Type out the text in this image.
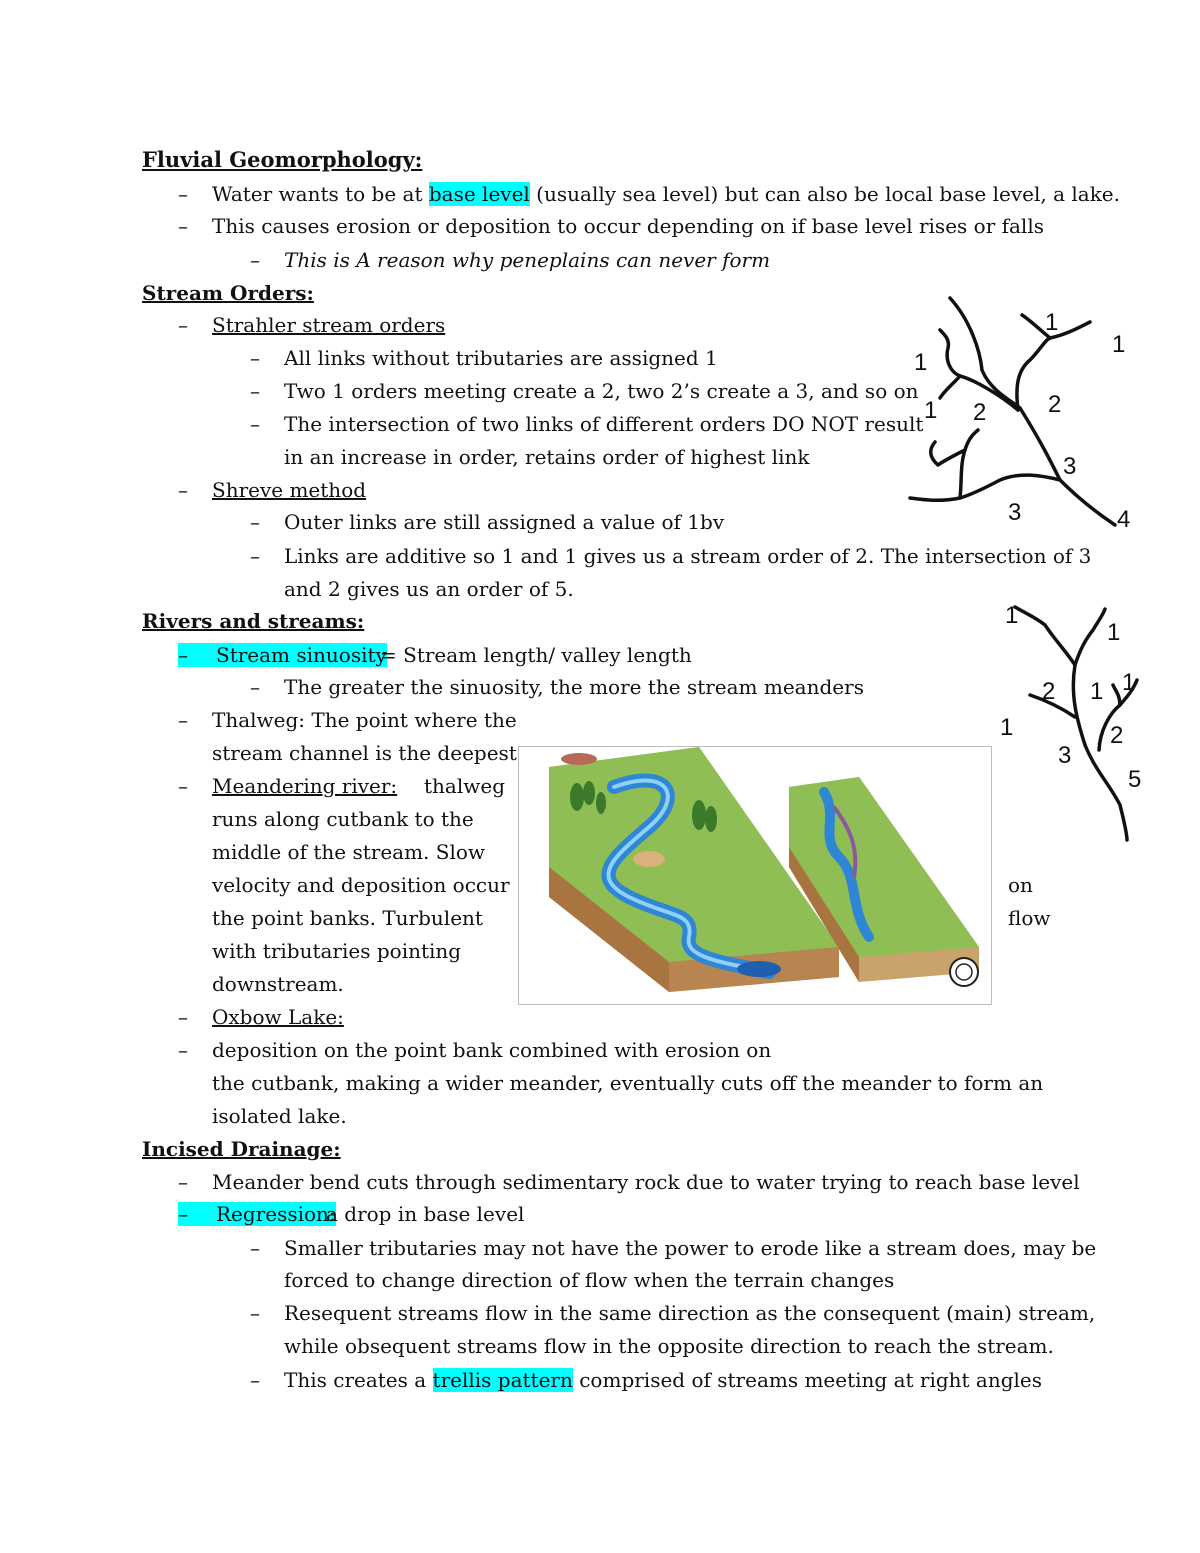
Fluvial Geomorphology:
– Water wants to be at base level (usually sea level) but can also be local base level, a lake.
– This causes erosion or deposition to occur depending on if base level rises or falls
– This is A reason why peneplains can never form
Stream Orders:
– Strahler stream orders
– All links without tributaries are assigned 1
– Two 1 orders meeting create a 2, two 2’s create a 3, and so on
– The intersection of two links of different orders DO NOT result
in an increase in order, retains order of highest link
– Shreve method
– Outer links are still assigned a value of 1bv
– Links are additive so 1 and 1 gives us a stream order of 2. The intersection of 3
and 2 gives us an order of 5.
Rivers and streams:
– Stream sinuosity
= Stream length/ valley length
– The greater the sinuosity, the more the stream meanders
– Thalweg: The point where the
stream channel is the deepest
– Meandering river: thalweg
runs along cutbank to the
middle of the stream. Slow
velocity and deposition occur	on
the point banks. Turbulent	flow
with tributaries pointing
downstream.
– Oxbow Lake:
– deposition on the point bank combined with erosion on
the cutbank, making a wider meander, eventually cuts off the meander to form an
isolated lake.
Incised Drainage:
– Meander bend cuts through sedimentary rock due to water trying to reach base level
– Regression:
a drop in base level
– Smaller tributaries may not have the power to erode like a stream does, may be
forced to change direction of flow when the terrain changes
– Resequent streams flow in the same direction as the consequent (main) stream,
while obsequent streams flow in the opposite direction to reach the stream.
– This creates a trellis pattern comprised of streams meeting at right angles
1
1
1
1 2	2
3
3	4
1
1
2 1 1
1
3
2
5
